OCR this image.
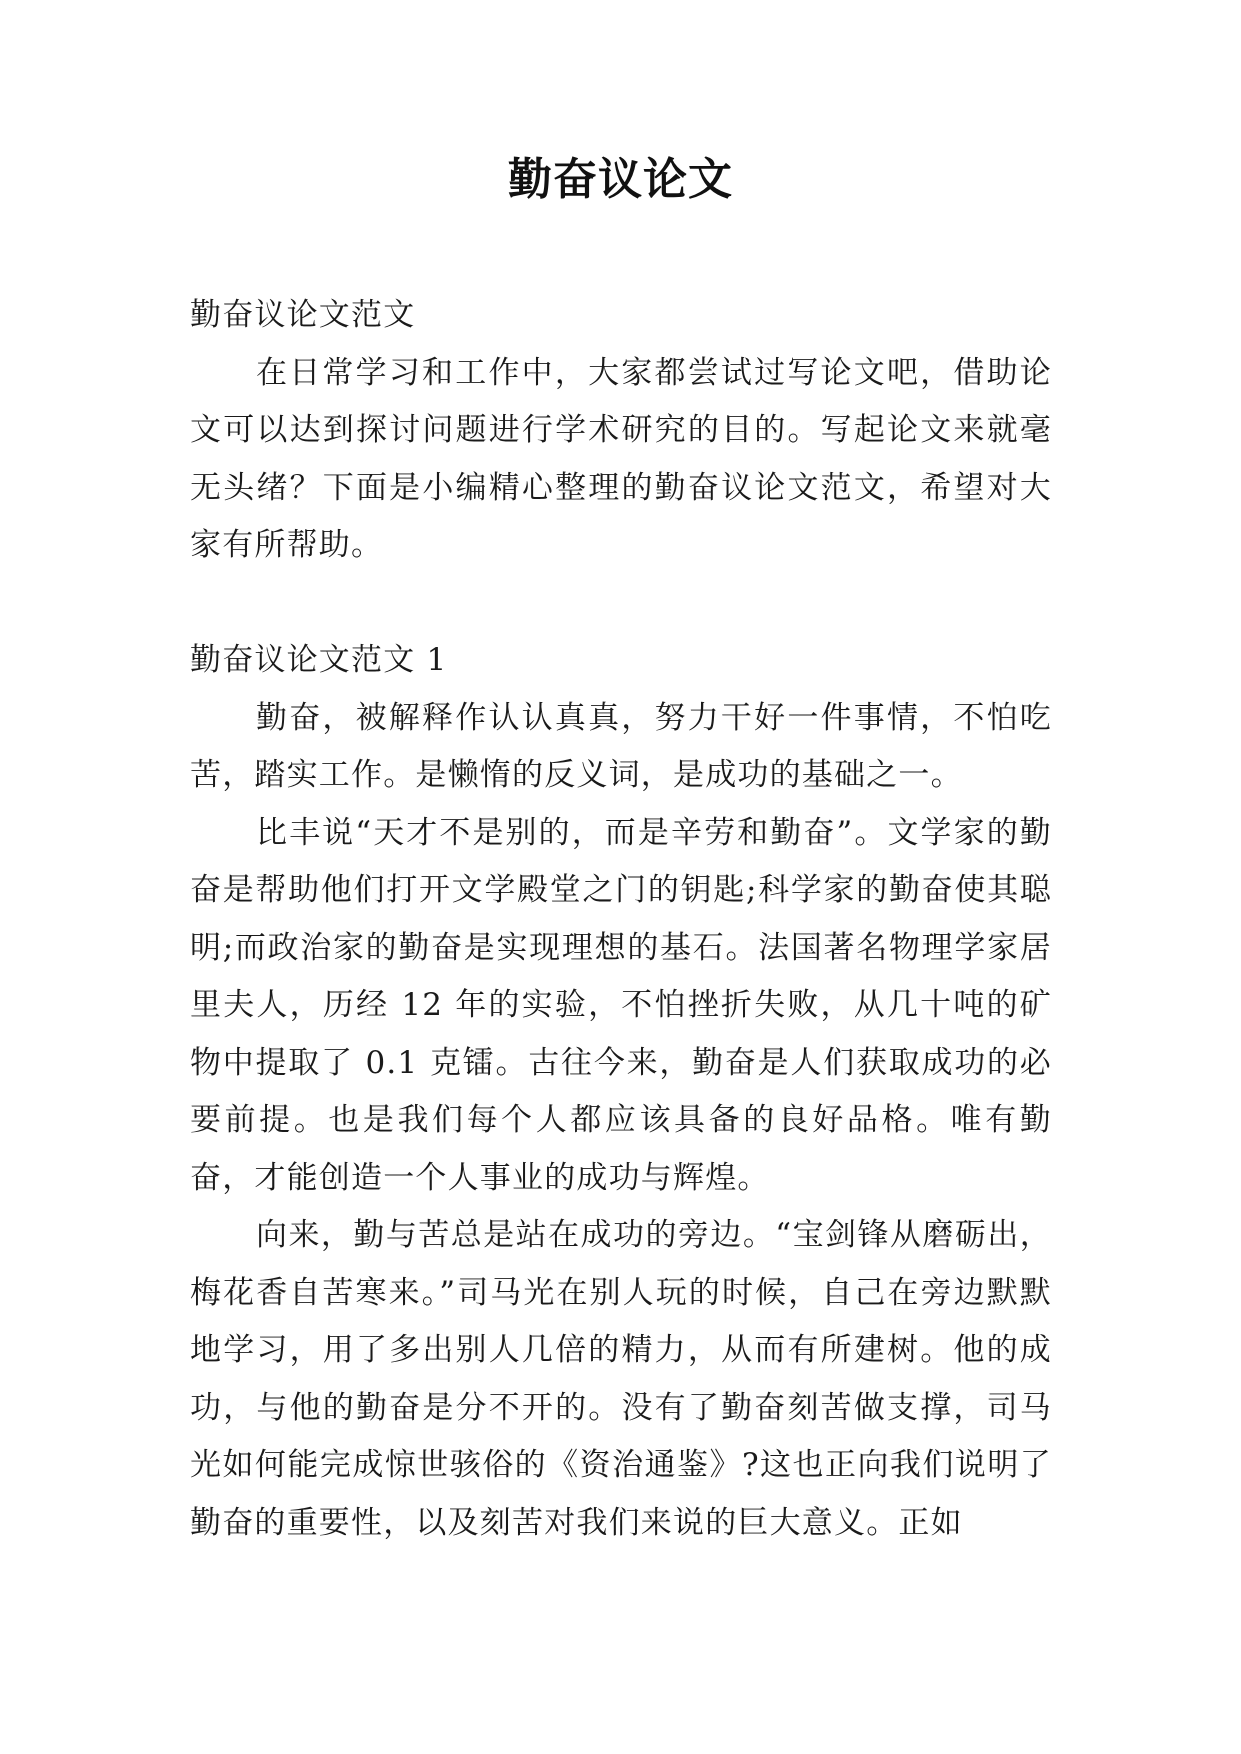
勤奋议论文

勤奋议论文范文

在日常学习和工作中，大家都尝试过写论文吧，借助论文可以达到探讨问题进行学术研究的目的。写起论文来就毫无头绪？下面是小编精心整理的勤奋议论文范文，希望对大家有所帮助。

勤奋议论文范文 1

勤奋，被解释作认认真真，努力干好一件事情，不怕吃苦，踏实工作。是懒惰的反义词，是成功的基础之一。

比丰说“天才不是别的，而是辛劳和勤奋”。文学家的勤奋是帮助他们打开文学殿堂之门的钥匙;科学家的勤奋使其聪明;而政治家的勤奋是实现理想的基石。法国著名物理学家居里夫人，历经 12 年的实验，不怕挫折失败，从几十吨的矿物中提取了 0.1 克镭。古往今来，勤奋是人们获取成功的必要前提。也是我们每个人都应该具备的良好品格。唯有勤奋，才能创造一个人事业的成功与辉煌。

向来，勤与苦总是站在成功的旁边。“宝剑锋从磨砺出，梅花香自苦寒来。”司马光在别人玩的时候，自己在旁边默默地学习，用了多出别人几倍的精力，从而有所建树。他的成功，与他的勤奋是分不开的。没有了勤奋刻苦做支撑，司马光如何能完成惊世骇俗的《资治通鉴》?这也正向我们说明了勤奋的重要性，以及刻苦对我们来说的巨大意义。正如
